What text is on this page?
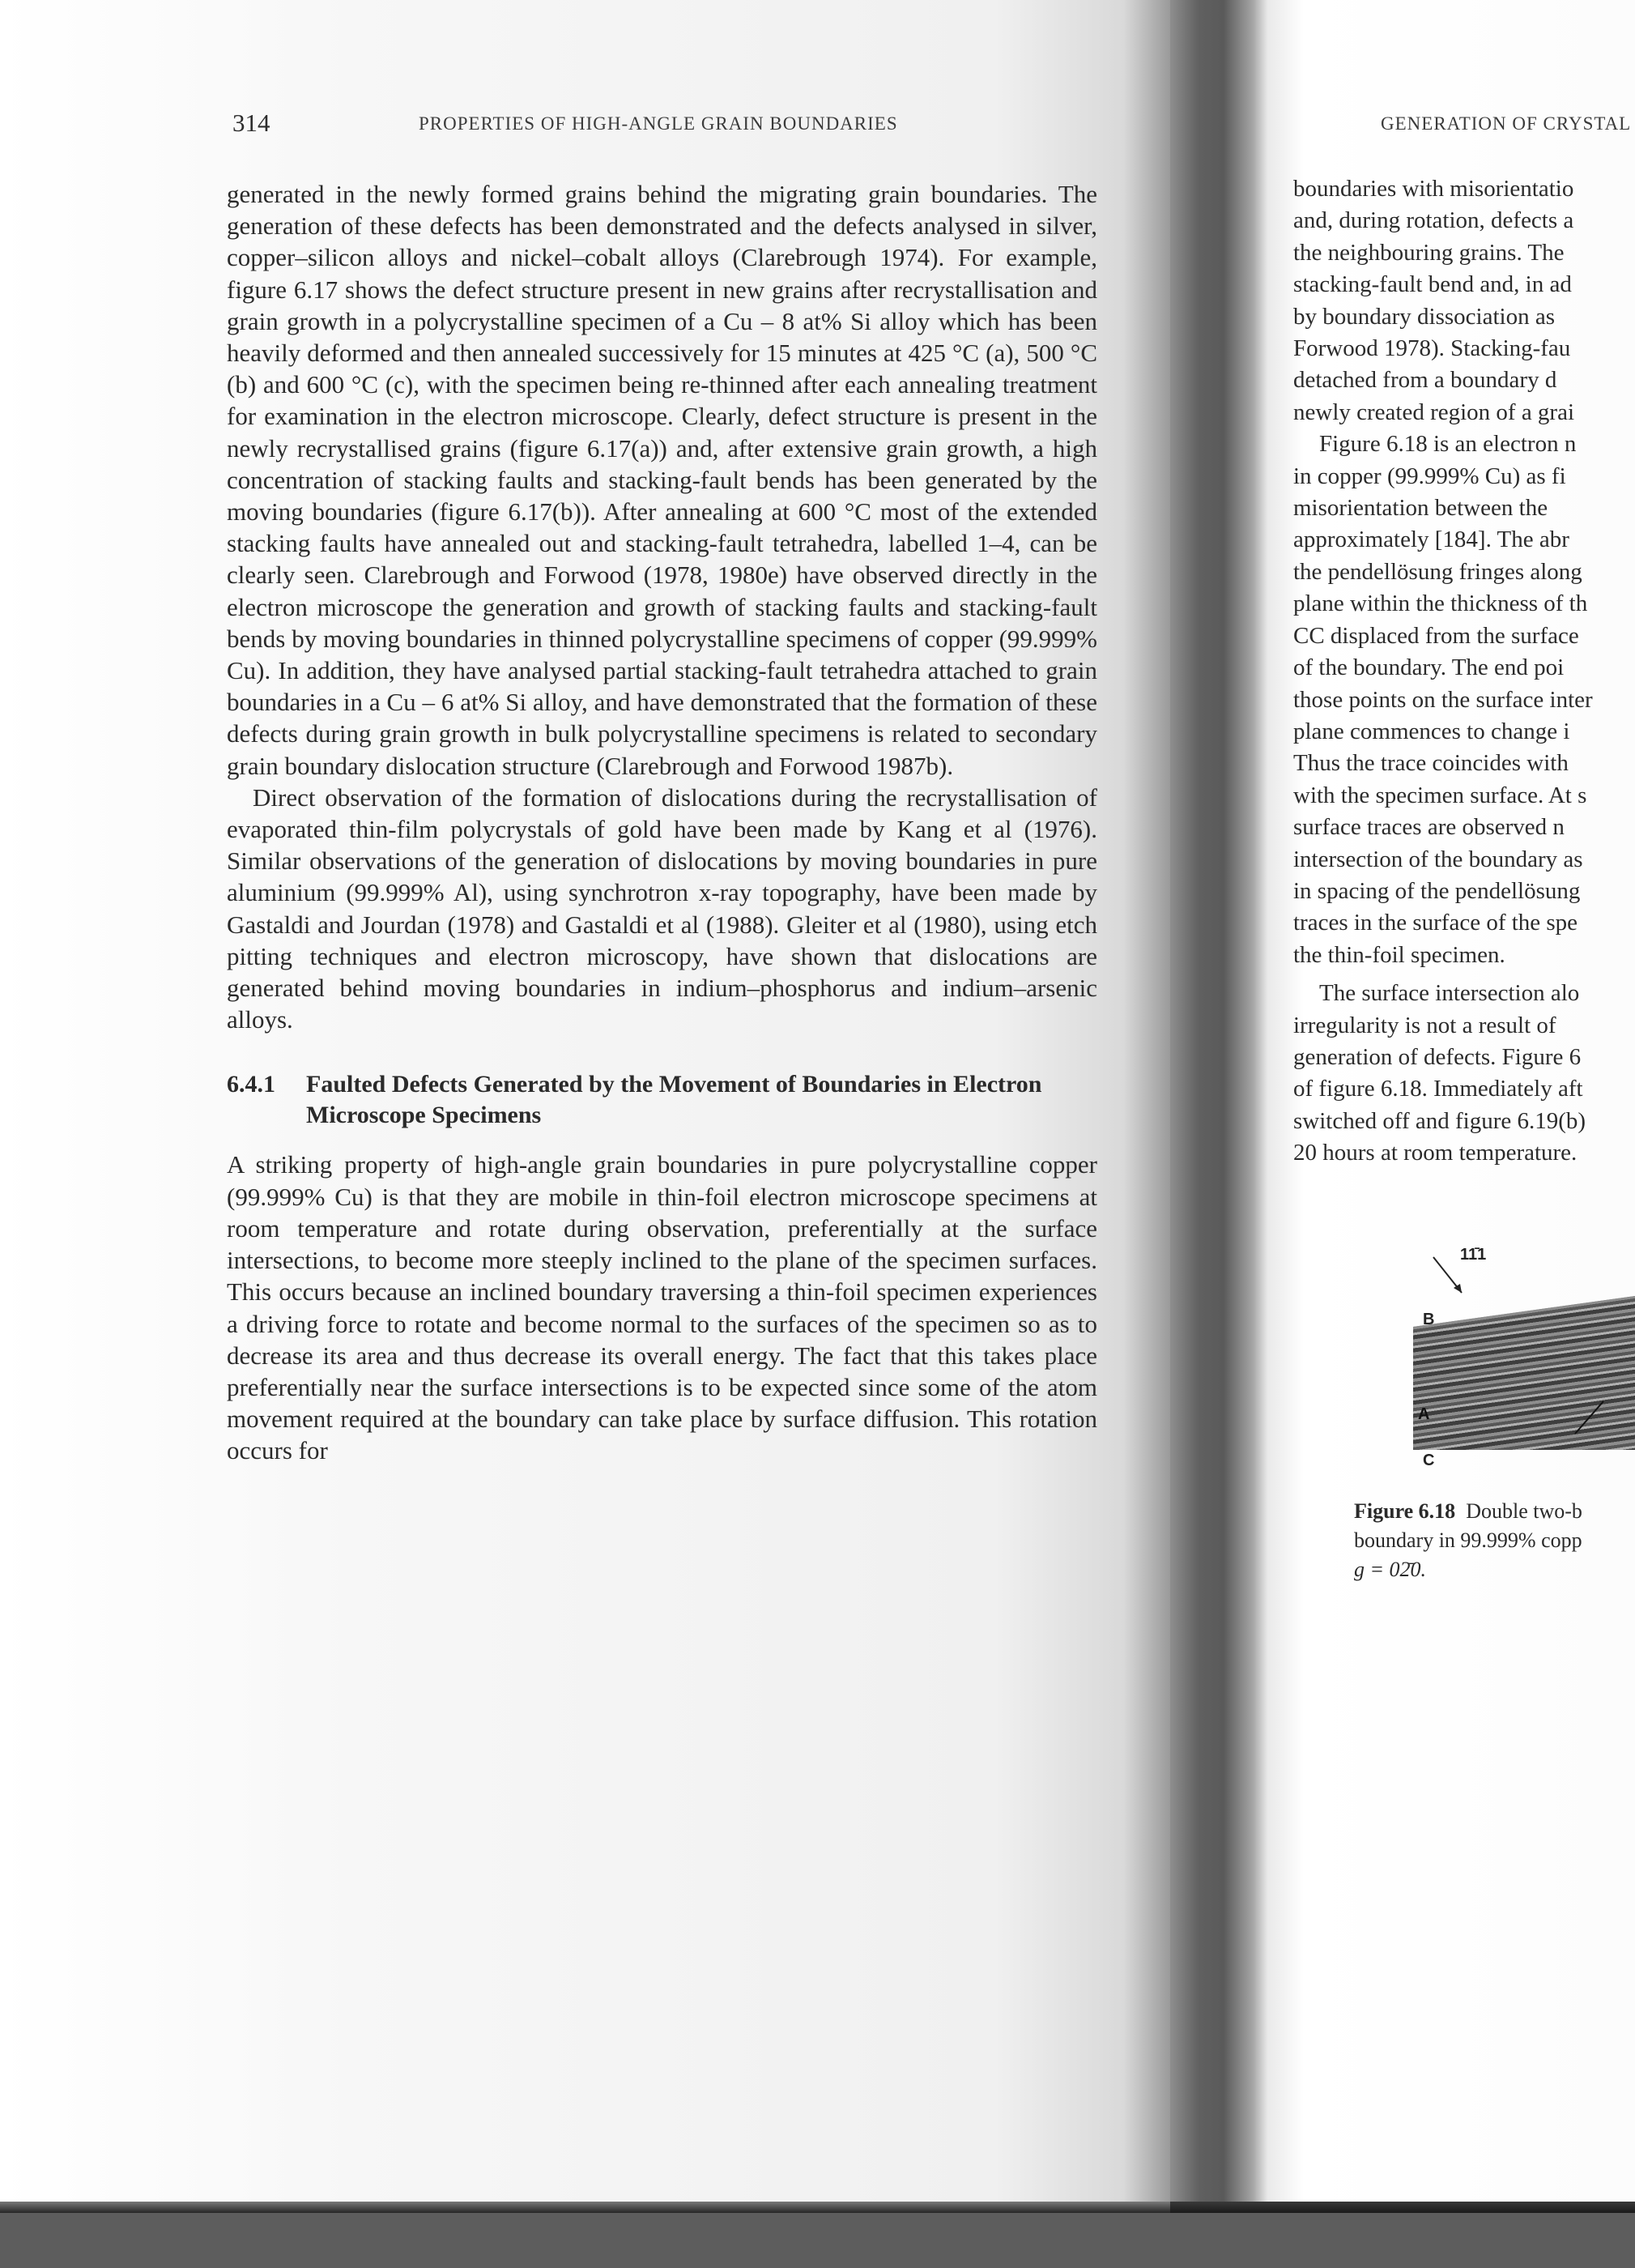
314	PROPERTIES OF HIGH-ANGLE GRAIN BOUNDARIES

generated in the newly formed grains behind the migrating grain boundaries. The generation of these defects has been demonstrated and the defects analysed in silver, copper–silicon alloys and nickel–cobalt alloys (Clarebrough 1974). For example, figure 6.17 shows the defect structure present in new grains after recrystallisation and grain growth in a polycrystalline specimen of a Cu – 8 at% Si alloy which has been heavily deformed and then annealed successively for 15 minutes at 425 °C (a), 500 °C (b) and 600 °C (c), with the specimen being re-thinned after each annealing treatment for examination in the electron microscope. Clearly, defect structure is present in the newly recrystallised grains (figure 6.17(a)) and, after extensive grain growth, a high concentration of stacking faults and stacking-fault bends has been generated by the moving boundaries (figure 6.17(b)). After annealing at 600 °C most of the extended stacking faults have annealed out and stacking-fault tetrahedra, labelled 1–4, can be clearly seen. Clarebrough and Forwood (1978, 1980e) have observed directly in the electron microscope the generation and growth of stacking faults and stacking-fault bends by moving boundaries in thinned polycrystalline specimens of copper (99.999% Cu). In addition, they have analysed partial stacking-fault tetrahedra attached to grain boundaries in a Cu – 6 at% Si alloy, and have demonstrated that the formation of these defects during grain growth in bulk polycrystalline specimens is related to secondary grain boundary dislocation structure (Clarebrough and Forwood 1987b).

Direct observation of the formation of dislocations during the recrystallisation of evaporated thin-film polycrystals of gold have been made by Kang et al (1976). Similar observations of the generation of dislocations by moving boundaries in pure aluminium (99.999% Al), using synchrotron x-ray topography, have been made by Gastaldi and Jourdan (1978) and Gastaldi et al (1988). Gleiter et al (1980), using etch pitting techniques and electron microscopy, have shown that dislocations are generated behind moving boundaries in indium–phosphorus and indium–arsenic alloys.

6.4.1	Faulted Defects Generated by the Movement of Boundaries in Electron Microscope Specimens

A striking property of high-angle grain boundaries in pure polycrystalline copper (99.999% Cu) is that they are mobile in thin-foil electron microscope specimens at room temperature and rotate during observation, preferentially at the surface intersections, to become more steeply inclined to the plane of the specimen surfaces. This occurs because an inclined boundary traversing a thin-foil specimen experiences a driving force to rotate and become normal to the surfaces of the specimen so as to decrease its area and thus decrease its overall energy. The fact that this takes place preferentially near the surface intersections is to be expected since some of the atom movement required at the boundary can take place by surface diffusion. This rotation occurs for

GENERATION OF CRYSTAL

boundaries with misorientatio

and, during rotation, defects a

the neighbouring grains. The

stacking-fault bend and, in ad

by boundary dissociation as

Forwood 1978). Stacking-fau

detached from a boundary d

newly created region of a grai

Figure 6.18 is an electron n

in copper (99.999% Cu) as fi

misorientation between the

approximately [184]. The abr

the pendellösung fringes along

plane within the thickness of th

CC displaced from the surface

of the boundary. The end poi

those points on the surface inter

plane commences to change i

Thus the trace coincides with

with the specimen surface. At s

surface traces are observed n

intersection of the boundary as

in spacing of the pendellösung

traces in the surface of the spe

the thin-foil specimen.

The surface intersection alo

irregularity is not a result of

generation of defects. Figure 6

of figure 6.18. Immediately aft

switched off and figure 6.19(b)

20 hours at room temperature.

11̄1
B
A
C
Figure 6.18 Double two-b
boundary in 99.999% copp
g = 02̄0.
